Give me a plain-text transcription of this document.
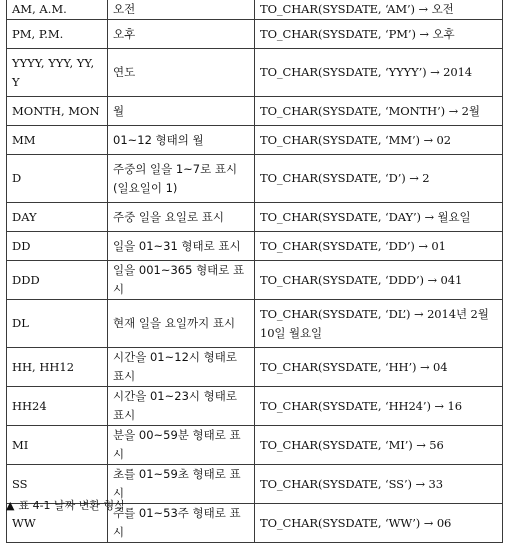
AM, A.M.	오전	TO_CHAR(SYSDATE, ‘AM’) → 오전
PM, P.M.	오후	TO_CHAR(SYSDATE, ‘PM’) → 오후
YYYY, YYY, YY, Y	연도	TO_CHAR(SYSDATE, ‘YYYY’) → 2014
MONTH, MON	월	TO_CHAR(SYSDATE, ‘MONTH’) → 2월
MM	01~12 형태의 월	TO_CHAR(SYSDATE, ‘MM’) → 02
D	주중의 일을 1~7로 표시(일요일이 1)	TO_CHAR(SYSDATE, ‘D’) → 2
DAY	주중 일을 요일로 표시	TO_CHAR(SYSDATE, ‘DAY’) → 월요일
DD	일을 01~31 형태로 표시	TO_CHAR(SYSDATE, ‘DD’) → 01
DDD	일을 001~365 형태로 표시	TO_CHAR(SYSDATE, ‘DDD’) → 041
DL	현재 일을 요일까지 표시	TO_CHAR(SYSDATE, ‘DL’) → 2014년 2월 10일 월요일
HH, HH12	시간을 01~12시 형태로 표시	TO_CHAR(SYSDATE, ‘HH’) → 04
HH24	시간을 01~23시 형태로 표시	TO_CHAR(SYSDATE, ‘HH24’) → 16
MI	분을 00~59분 형태로 표시	TO_CHAR(SYSDATE, ‘MI’) → 56
SS	초를 01~59초 형태로 표시	TO_CHAR(SYSDATE, ‘SS’) → 33
WW	주를 01~53주 형태로 표시	TO_CHAR(SYSDATE, ‘WW’) → 06
▲ 표 4-1 날짜 변환 형식
